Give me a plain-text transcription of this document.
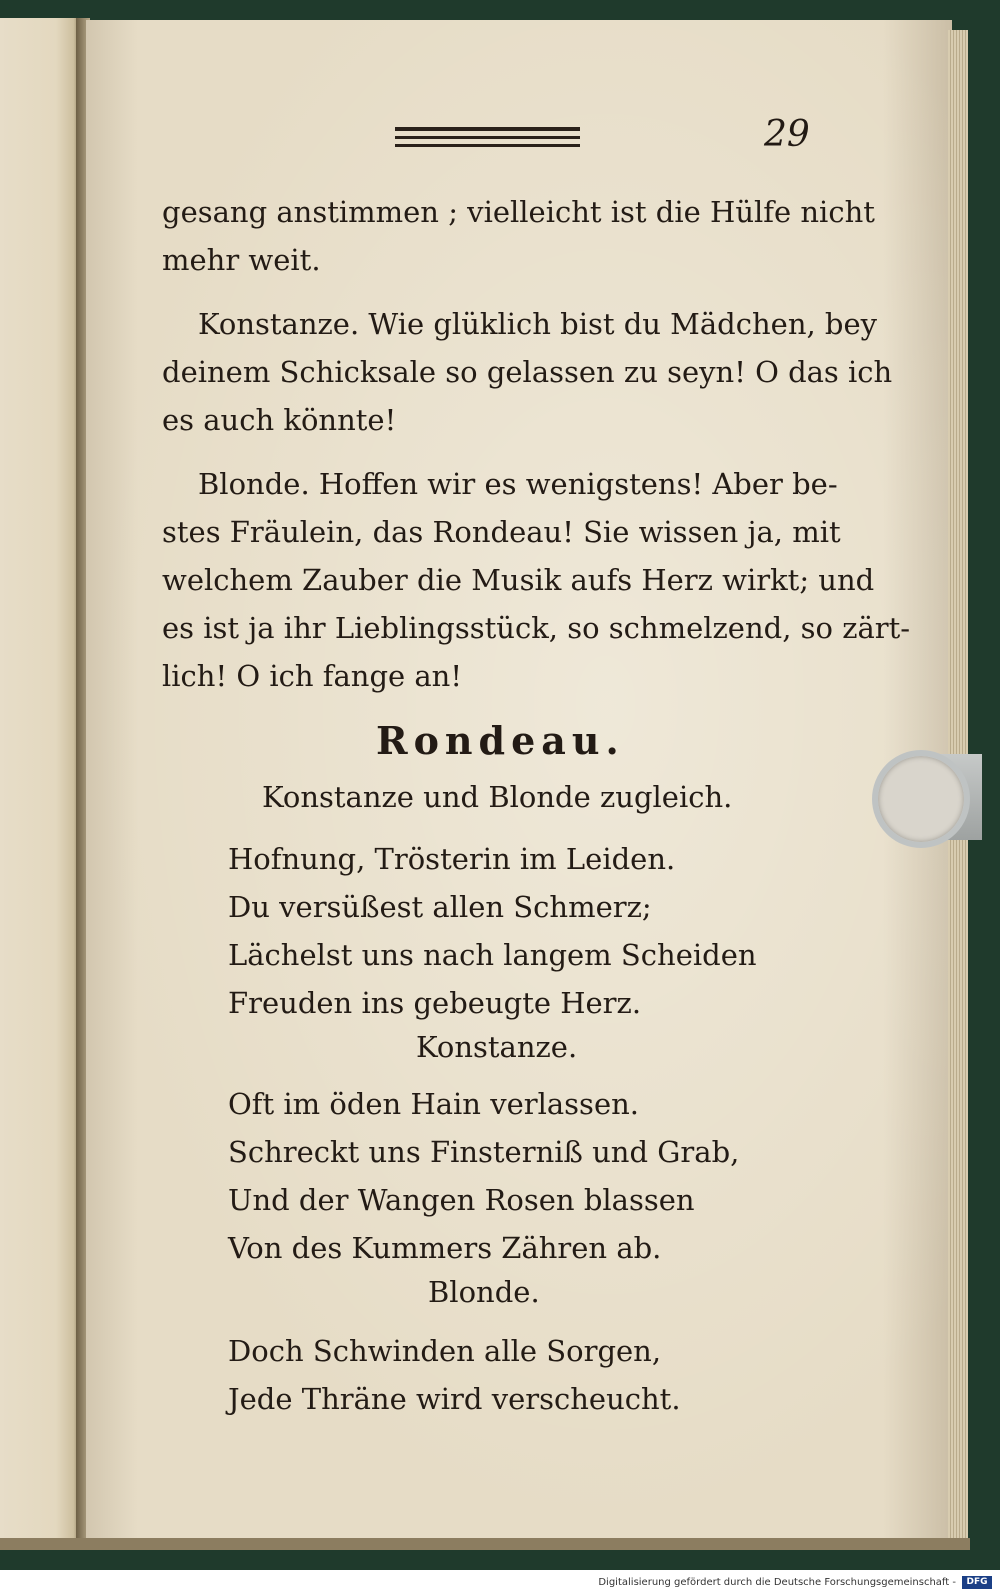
29
gesang anstimmen ; vielleicht ist die Hülfe nicht
mehr weit.
Konstanze. Wie glüklich bist du Mädchen, bey
deinem Schicksale so gelassen zu seyn! O das ich
es auch könnte!
Blonde. Hoffen wir es wenigstens! Aber be-
stes Fräulein, das Rondeau! Sie wissen ja, mit
welchem Zauber die Musik aufs Herz wirkt; und
es ist ja ihr Lieblingsstück, so schmelzend, so zärt-
lich! O ich fange an!
Rondeau.
Konstanze und Blonde zugleich.
Hofnung, Trösterin im Leiden.
Du versüßest allen Schmerz;
Lächelst uns nach langem Scheiden
Freuden ins gebeugte Herz.
Konstanze.
Oft im öden Hain verlassen.
Schreckt uns Finsterniß und Grab,
Und der Wangen Rosen blassen
Von des Kummers Zähren ab.
Blonde.
Doch Schwinden alle Sorgen,
Jede Thräne wird verscheucht.
Digitalisierung gefördert durch die Deutsche Forschungsgemeinschaft -	DFG
